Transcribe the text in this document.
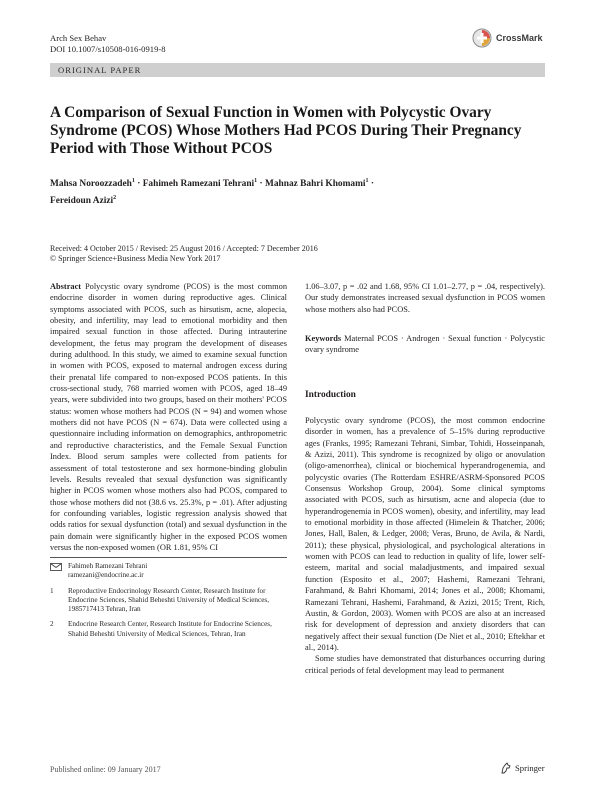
Arch Sex Behav
DOI 10.1007/s10508-016-0919-8
CrossMark
ORIGINAL PAPER
A Comparison of Sexual Function in Women with Polycystic Ovary Syndrome (PCOS) Whose Mothers Had PCOS During Their Pregnancy Period with Those Without PCOS
Mahsa Noroozzadeh$^1$ · Fahimeh Ramezani Tehrani$^1$ · Mahnaz Bahri Khomami$^1$ ·
Fereidoun Azizi$^2$
Received: 4 October 2015 / Revised: 25 August 2016 / Accepted: 7 December 2016
© Springer Science+Business Media New York 2017

Abstract Polycystic ovary syndrome (PCOS) is the most common endocrine disorder in women during reproductive ages. Clinical symptoms associated with PCOS, such as hirsutism, acne, alopecia, obesity, and infertility, may lead to emotional morbidity and then impaired sexual function in those affected. During intrauterine development, the fetus may program the development of diseases during adulthood. In this study, we aimed to examine sexual function in women with PCOS, exposed to maternal androgen excess during their prenatal life compared to non-exposed PCOS patients. In this cross-sectional study, 768 married women with PCOS, aged 18–49 years, were subdivided into two groups, based on their mothers' PCOS status: women whose mothers had PCOS (N = 94) and women whose mothers did not have PCOS (N = 674). Data were collected using a questionnaire including information on demographics, anthropometric and reproductive characteristics, and the Female Sexual Function Index. Blood serum samples were collected from patients for assessment of total testosterone and sex hormone-binding globulin levels. Results revealed that sexual dysfunction was significantly higher in PCOS women whose mothers also had PCOS, compared to those whose mothers did not (38.6 vs. 25.3%, p = .01). After adjusting for confounding variables, logistic regression analysis showed that odds ratios for sexual dysfunction (total) and sexual dysfunction in the pain domain were significantly higher in the exposed PCOS women versus the non-exposed women (OR 1.81, 95% CI

1.06–3.07, p = .02 and 1.68, 95% CI 1.01–2.77, p = .04, respectively). Our study demonstrates increased sexual dysfunction in PCOS women whose mothers also had PCOS.

Keywords Maternal PCOS · Androgen · Sexual function · Polycystic ovary syndrome

Introduction

Polycystic ovary syndrome (PCOS), the most common endocrine disorder in women, has a prevalence of 5–15% during reproductive ages (Franks, 1995; Ramezani Tehrani, Simbar, Tohidi, Hosseinpanah, & Azizi, 2011). This syndrome is recognized by oligo or anovulation (oligo-amenorrhea), clinical or biochemical hyperandrogenemia, and polycystic ovaries (The Rotterdam ESHRE/ASRM-Sponsored PCOS Consensus Workshop Group, 2004). Some clinical symptoms associated with PCOS, such as hirsutism, acne and alopecia (due to hyperandrogenemia in PCOS women), obesity, and infertility, may lead to emotional morbidity in those affected (Himelein & Thatcher, 2006; Jones, Hall, Balen, & Ledger, 2008; Veras, Bruno, de Avila, & Nardi, 2011); these physical, physiological, and psychological alterations in women with PCOS can lead to reduction in quality of life, lower self-esteem, marital and social maladjustments, and impaired sexual function (Esposito et al., 2007; Hashemi, Ramezani Tehrani, Farahmand, & Bahri Khomami, 2014; Jones et al., 2008; Khomami, Ramezani Tehrani, Hashemi, Farahmand, & Azizi, 2015; Trent, Rich, Austin, & Gordon, 2003). Women with PCOS are also at an increased risk for development of depression and anxiety disorders that can negatively affect their sexual function (De Niet et al., 2010; Eftekhar et al., 2014).

Some studies have demonstrated that disturbances occurring during critical periods of fetal development may lead to permanent

Fahimeh Ramezani Tehrani
ramezani@endocrine.ac.ir
1	Reproductive Endocrinology Research Center, Research Institute for Endocrine Sciences, Shahid Beheshti University of Medical Sciences, 1985717413 Tehran, Iran
2	Endocrine Research Center, Research Institute for Endocrine Sciences, Shahid Beheshti University of Medical Sciences, Tehran, Iran
Published online: 09 January 2017	Springer
